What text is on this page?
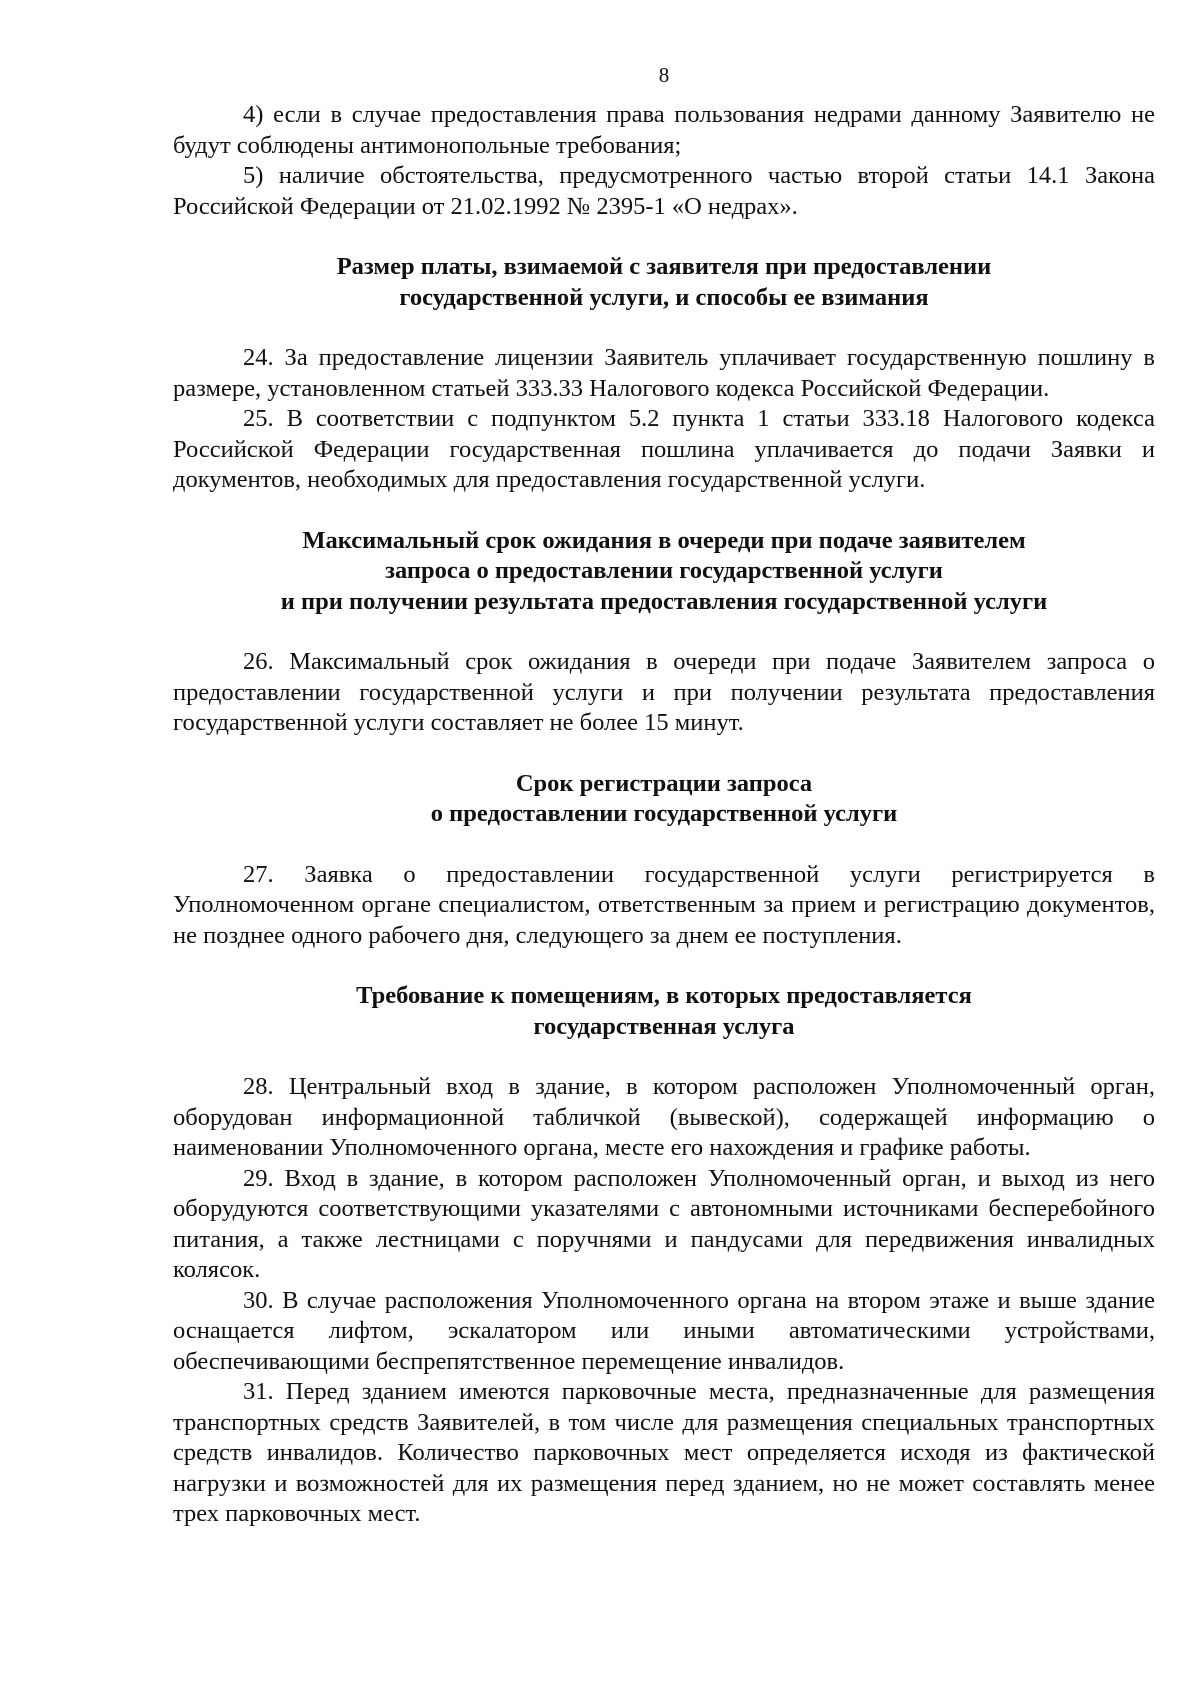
8

4) если в случае предоставления права пользования недрами данному Заявителю не будут соблюдены антимонопольные требования;

5) наличие обстоятельства, предусмотренного частью второй статьи 14.1 Закона Российской Федерации от 21.02.1992 № 2395-1 «О недрах».

Размер платы, взимаемой с заявителя при предоставлении
государственной услуги, и способы ее взимания

24. За предоставление лицензии Заявитель уплачивает государственную пошлину в размере, установленном статьей 333.33 Налогового кодекса Российской Федерации.

25. В соответствии с подпунктом 5.2 пункта 1 статьи 333.18 Налогового кодекса Российской Федерации государственная пошлина уплачивается до подачи Заявки и документов, необходимых для предоставления государственной услуги.

Максимальный срок ожидания в очереди при подаче заявителем
запроса о предоставлении государственной услуги
и при получении результата предоставления государственной услуги

26. Максимальный срок ожидания в очереди при подаче Заявителем запроса о предоставлении государственной услуги и при получении результата предоставления государственной услуги составляет не более 15 минут.

Срок регистрации запроса
о предоставлении государственной услуги

27. Заявка о предоставлении государственной услуги регистрируется в Уполномоченном органе специалистом, ответственным за прием и регистрацию документов, не позднее одного рабочего дня, следующего за днем ее поступления.

Требование к помещениям, в которых предоставляется
государственная услуга

28. Центральный вход в здание, в котором расположен Уполномоченный орган, оборудован информационной табличкой (вывеской), содержащей информацию о наименовании Уполномоченного органа, месте его нахождения и графике работы.

29. Вход в здание, в котором расположен Уполномоченный орган, и выход из него оборудуются соответствующими указателями с автономными источниками бесперебойного питания, а также лестницами с поручнями и пандусами для передвижения инвалидных колясок.

30. В случае расположения Уполномоченного органа на втором этаже и выше здание оснащается лифтом, эскалатором или иными автоматическими устройствами, обеспечивающими беспрепятственное перемещение инвалидов.

31. Перед зданием имеются парковочные места, предназначенные для размещения транспортных средств Заявителей, в том числе для размещения специальных транспортных средств инвалидов. Количество парковочных мест определяется исходя из фактической нагрузки и возможностей для их размещения перед зданием, но не может составлять менее трех парковочных мест.
